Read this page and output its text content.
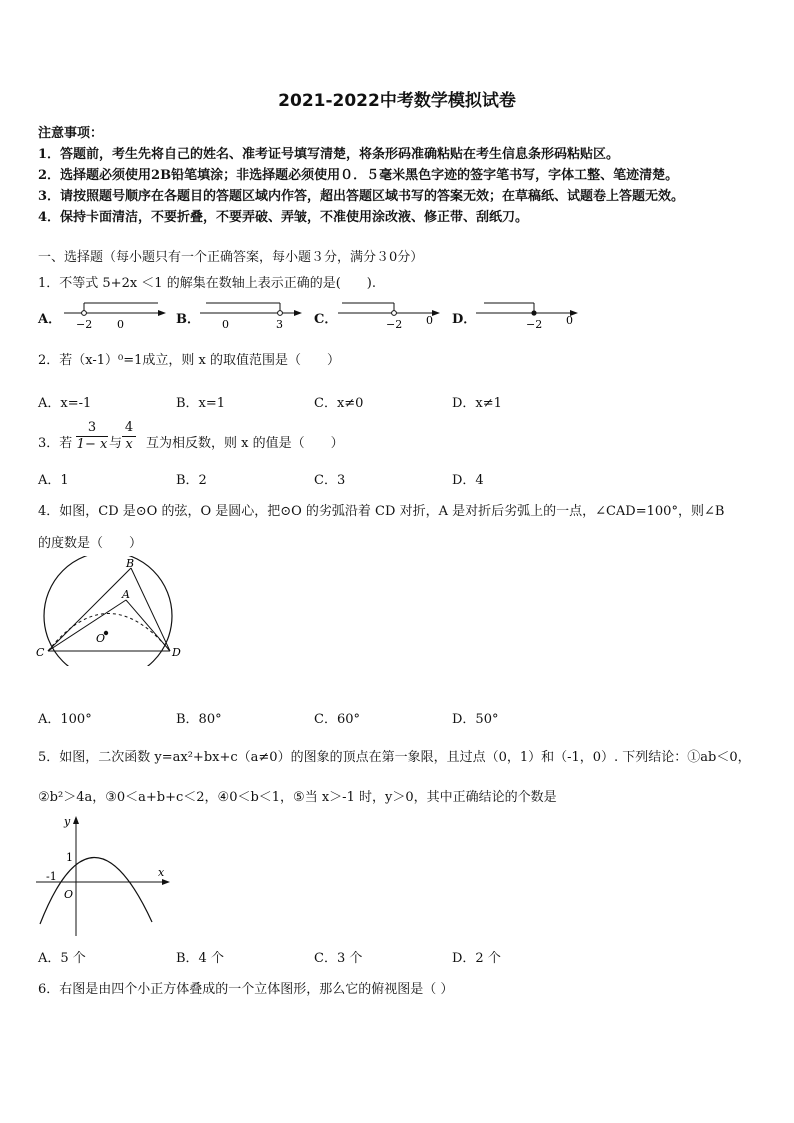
2021-2022中考数学模拟试卷
注意事项：
1．答题前，考生先将自己的姓名、准考证号填写清楚，将条形码准确粘贴在考生信息条形码粘贴区。
2．选择题必须使用2B铅笔填涂；非选择题必须使用０．５毫米黑色字迹的签字笔书写，字体工整、笔迹清楚。
3．请按照题号顺序在各题目的答题区域内作答，超出答题区域书写的答案无效；在草稿纸、试题卷上答题无效。
4．保持卡面清洁，不要折叠，不要弄破、弄皱，不准使用涂改液、修正带、刮纸刀。
一、选择题（每小题只有一个正确答案，每小题３分，满分３0分）
1．不等式 5+2x ＜1 的解集在数轴上表示正确的是(　　).
A． −2 0	B． 0	3 C．	−2 0 D．	−2 0
2．若（x-1）⁰=1成立，则 x 的取值范围是（　　）
A．x=-1	B．x=1	C．x≠0	D．x≠1
3．若 $\frac{3}{1- x}$ 与 $\frac{4}{x}$ 互为相反数，则 x 的值是（　　）
A．1	B．2	C．3	D．4
4．如图，CD 是⊙O 的弦，O 是圆心，把⊙O 的劣弧沿着 CD 对折，A 是对折后劣弧上的一点，∠CAD=100°，则∠B
的度数是（　　）
B
A
O
C	D
A．100°	B．80°	C．60°	D．50°
5．如图，二次函数 y=ax²+bx+c（a≠0）的图象的顶点在第一象限，且过点（0，1）和（-1，0）. 下列结论：①ab＜0，
②b²＞4a，③0＜a+b+c＜2，④0＜b＜1，⑤当 x＞-1 时，y＞0，其中正确结论的个数是
y
x
1
-1
O
A．5 个	B．4 个	C．3 个	D．2 个
6．右图是由四个小正方体叠成的一个立体图形，那么它的俯视图是（ ）
